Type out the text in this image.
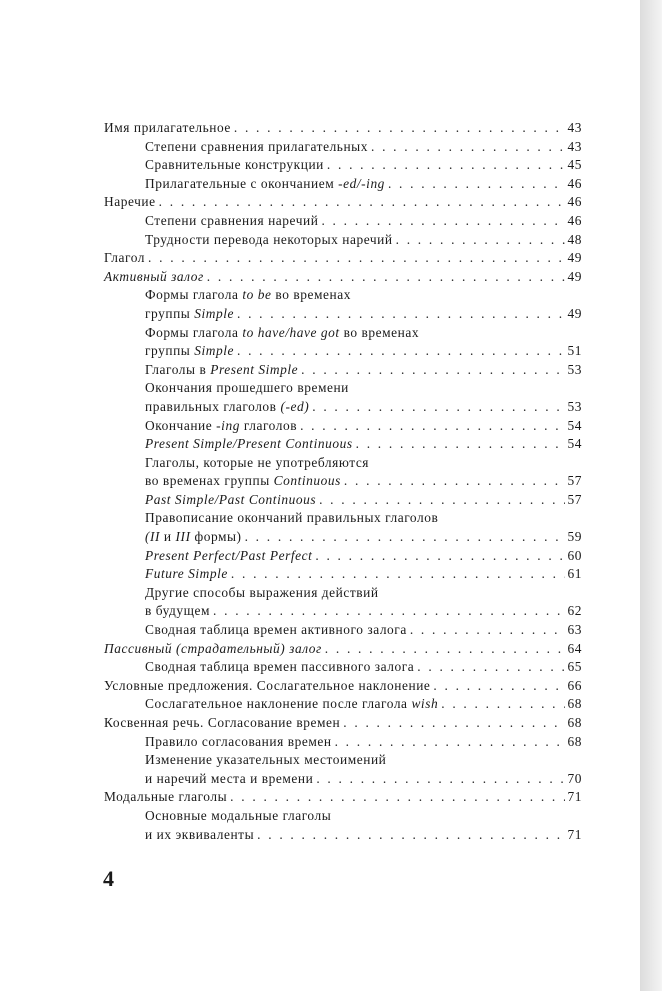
Имя прилагательное . . .	43
Степени сравнения прилагательных . . .	43
Сравнительные конструкции . . .	45
Прилагательные с окончанием -ed/-ing . . .	46
Наречие . . .	46
Степени сравнения наречий . . .	46
Трудности перевода некоторых наречий . . .	48
Глагол . . .	49
Активный залог . . .	49
Формы глагола to be во временах
группы Simple . . .	49
Формы глагола to have/have got во временах
группы Simple . . .	51
Глаголы в Present Simple . . .	53
Окончания прошедшего времени
правильных глаголов (-ed) . . .	53
Окончание -ing глаголов . . .	54
Present Simple/Present Continuous . . .	54
Глаголы, которые не употребляются
во временах группы Continuous . . .	57
Past Simple/Past Continuous . . .	57
Правописание окончаний правильных глаголов
(II и III формы) . . .	59
Present Perfect/Past Perfect . . .	60
Future Simple . . .	61
Другие способы выражения действий
в будущем . . .	62
Сводная таблица времен активного залога . . .	63
Пассивный (страдательный) залог . . .	64
Сводная таблица времен пассивного залога . . .	65
Условные предложения. Сослагательное наклонение . . .	66
Сослагательное наклонение после глагола wish . . .	68
Косвенная речь. Согласование времен . . .	68
Правило согласования времен . . .	68
Изменение указательных местоимений
и наречий места и времени . . .	70
Модальные глаголы . . .	71
Основные модальные глаголы
и их эквиваленты . . .	71
4
